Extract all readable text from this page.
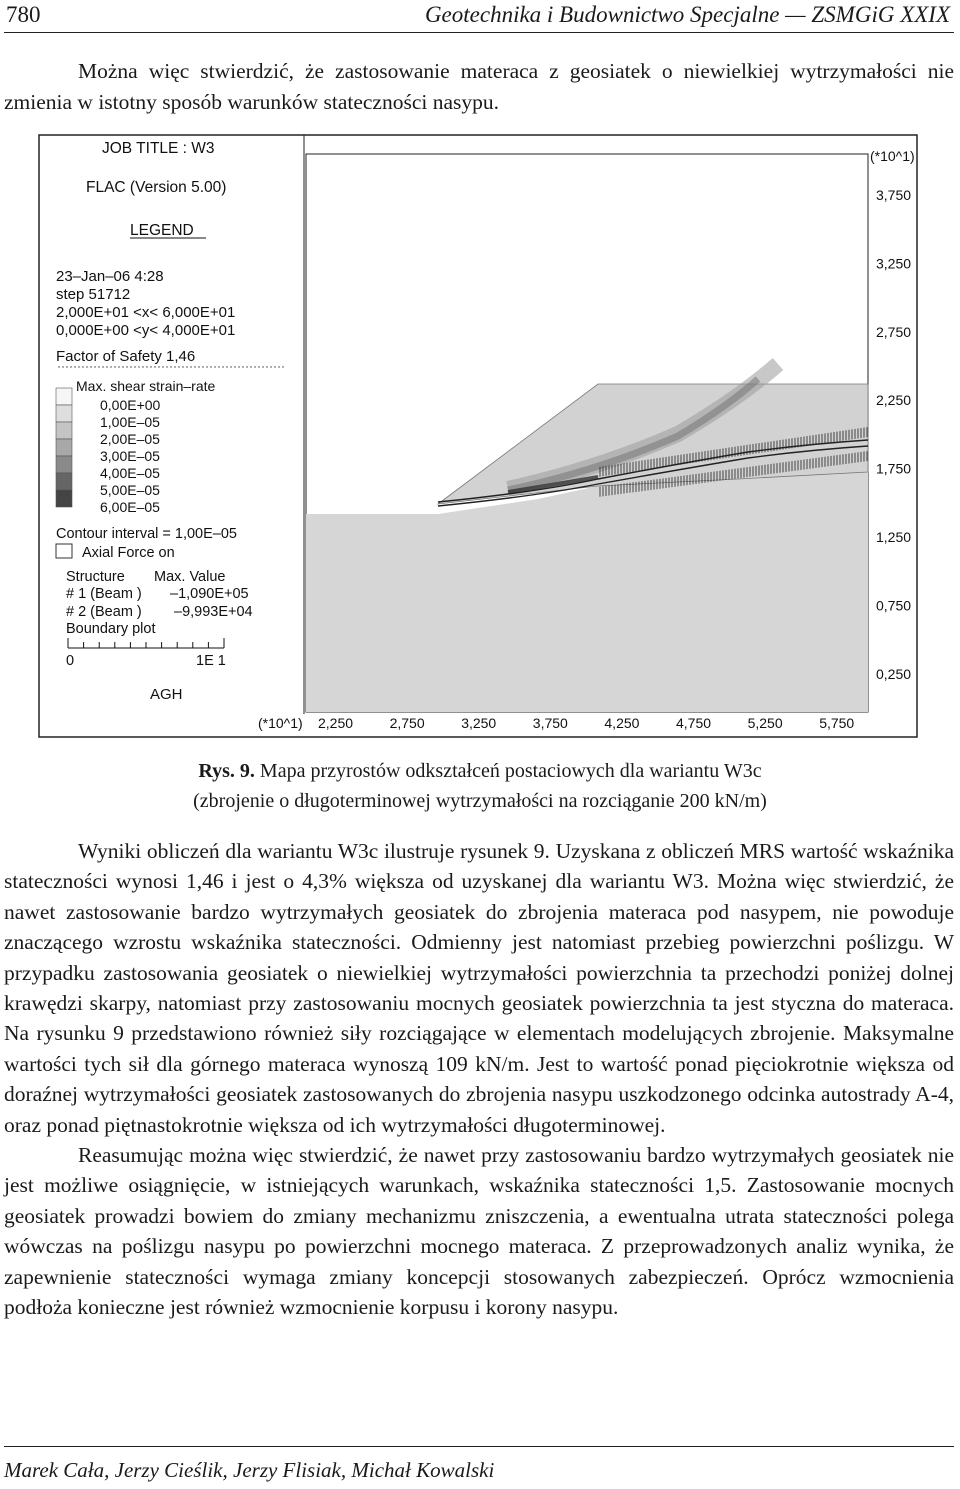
780	Geotechnika i Budownictwo Specjalne — ZSMGiG XXIX

Można więc stwierdzić, że zastosowanie materaca z geosiatek o niewielkiej wytrzymałości nie zmienia w istotny sposób warunków stateczności nasypu.

JOB TITLE : W3
FLAC (Version 5.00)
LEGEND
23–Jan–06 4:28
step 51712
2,000E+01 <x< 6,000E+01
0,000E+00 <y< 4,000E+01
Factor of Safety 1,46
Max. shear strain–rate
0,00E+00
1,00E–05
2,00E–05
3,00E–05
4,00E–05
5,00E–05
6,00E–05
Contour interval = 1,00E–05
Axial Force on
Structure Max. Value
# 1 (Beam ) –1,090E+05
# 2 (Beam ) –9,993E+04
Boundary plot
0	1E 1
AGH
(*10^1)
3,750
3,250
2,750
2,250
1,750
1,250
0,750
0,250
(*10^1) 2,250	2,750	3,250	3,750	4,250	4,750	5,250	5,750
Rys. 9. Mapa przyrostów odkształceń postaciowych dla wariantu W3c
(zbrojenie o długoterminowej wytrzymałości na rozciąganie 200 kN/m)

Wyniki obliczeń dla wariantu W3c ilustruje rysunek 9. Uzyskana z obliczeń MRS wartość wskaźnika stateczności wynosi 1,46 i jest o 4,3% większa od uzyskanej dla wariantu W3. Można więc stwierdzić, że nawet zastosowanie bardzo wytrzymałych geosiatek do zbrojenia materaca pod nasypem, nie powoduje znaczącego wzrostu wskaźnika stateczności. Odmienny jest natomiast przebieg powierzchni poślizgu. W przypadku zastosowania geosiatek o niewielkiej wytrzymałości powierzchnia ta przechodzi poniżej dolnej krawędzi skarpy, natomiast przy zastosowaniu mocnych geosiatek powierzchnia ta jest styczna do materaca. Na rysunku 9 przedstawiono również siły rozciągające w elementach modelujących zbrojenie. Maksymalne wartości tych sił dla górnego materaca wynoszą 109 kN/m. Jest to wartość ponad pięciokrotnie większa od doraźnej wytrzymałości geosiatek zastosowanych do zbrojenia nasypu uszkodzonego odcinka autostrady A-4, oraz ponad piętnastokrotnie większa od ich wytrzymałości długoterminowej.

Reasumując można więc stwierdzić, że nawet przy zastosowaniu bardzo wytrzymałych geosiatek nie jest możliwe osiągnięcie, w istniejących warunkach, wskaźnika stateczności 1,5. Zastosowanie mocnych geosiatek prowadzi bowiem do zmiany mechanizmu zniszczenia, a ewentualna utrata stateczności polega wówczas na poślizgu nasypu po powierzchni mocnego materaca. Z przeprowadzonych analiz wynika, że zapewnienie stateczności wymaga zmiany koncepcji stosowanych zabezpieczeń. Oprócz wzmocnienia podłoża konieczne jest również wzmocnienie korpusu i korony nasypu.

Marek Cała, Jerzy Cieślik, Jerzy Flisiak, Michał Kowalski
